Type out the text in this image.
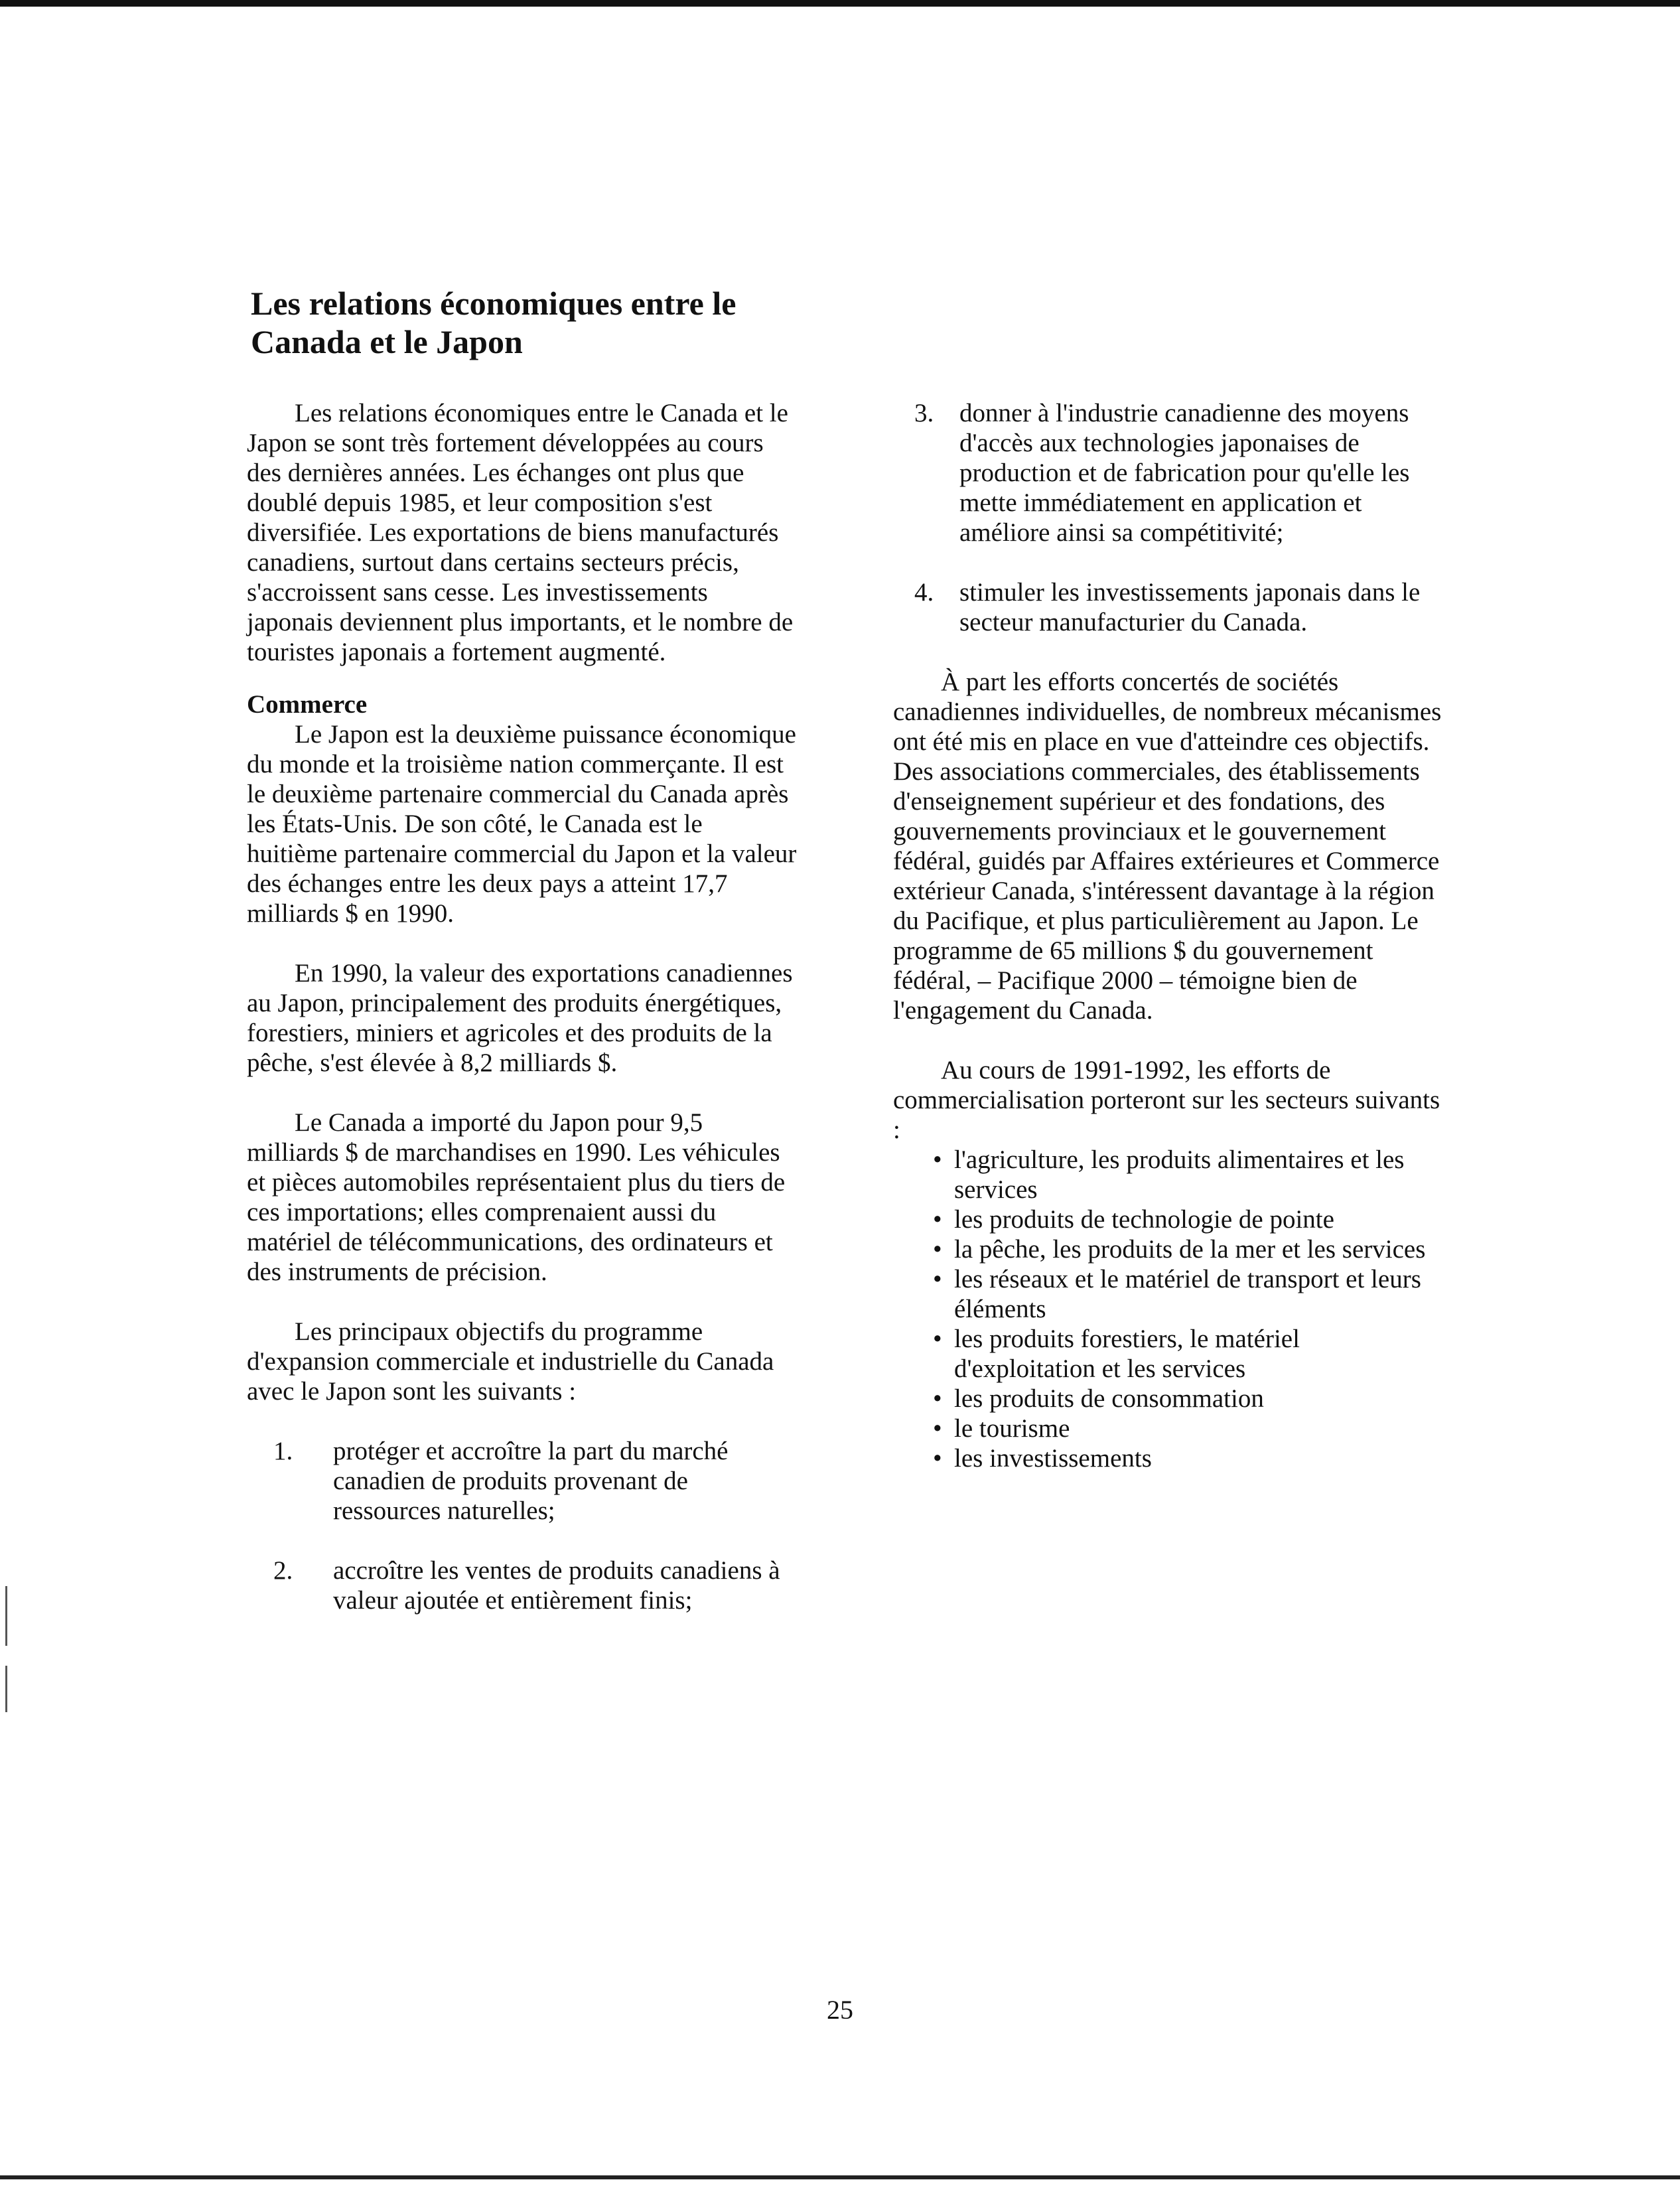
Les relations économiques entre le Canada et le Japon

Les relations économiques entre le Canada et le Japon se sont très fortement développées au cours des dernières années. Les échanges ont plus que doublé depuis 1985, et leur composition s'est diversifiée. Les exportations de biens manufacturés canadiens, surtout dans certains secteurs précis, s'accroissent sans cesse. Les investissements japonais deviennent plus importants, et le nombre de touristes japonais a fortement augmenté.

Commerce

Le Japon est la deuxième puissance économique du monde et la troisième nation commerçante. Il est le deuxième partenaire commercial du Canada après les États-Unis. De son côté, le Canada est le huitième partenaire commercial du Japon et la valeur des échanges entre les deux pays a atteint 17,7 milliards $ en 1990.

En 1990, la valeur des exportations canadiennes au Japon, principalement des produits énergétiques, forestiers, miniers et agricoles et des produits de la pêche, s'est élevée à 8,2 milliards $.

Le Canada a importé du Japon pour 9,5 milliards $ de marchandises en 1990. Les véhicules et pièces automobiles représentaient plus du tiers de ces importations; elles comprenaient aussi du matériel de télécommunications, des ordinateurs et des instruments de précision.

Les principaux objectifs du programme d'expansion commerciale et industrielle du Canada avec le Japon sont les suivants :

1.	protéger et accroître la part du marché canadien de produits provenant de ressources naturelles;
2.	accroître les ventes de produits canadiens à valeur ajoutée et entièrement finis;
3. donner à l'industrie canadienne des moyens d'accès aux technologies japonaises de production et de fabrication pour qu'elle les mette immédiatement en application et améliore ainsi sa compétitivité;
4. stimuler les investissements japonais dans le secteur manufacturier du Canada.

À part les efforts concertés de sociétés canadiennes individuelles, de nombreux mécanismes ont été mis en place en vue d'atteindre ces objectifs. Des associations commerciales, des établissements d'enseignement supérieur et des fondations, des gouvernements provinciaux et le gouvernement fédéral, guidés par Affaires extérieures et Commerce extérieur Canada, s'intéressent davantage à la région du Pacifique, et plus particulièrement au Japon. Le programme de 65 millions $ du gouvernement fédéral, – Pacifique 2000 – témoigne bien de l'engagement du Canada.

Au cours de 1991-1992, les efforts de commercialisation porteront sur les secteurs suivants :

• l'agriculture, les produits alimentaires et les services
• les produits de technologie de pointe
• la pêche, les produits de la mer et les services
• les réseaux et le matériel de transport et leurs éléments
• les produits forestiers, le matériel d'exploitation et les services
• les produits de consommation
• le tourisme
• les investissements
25
